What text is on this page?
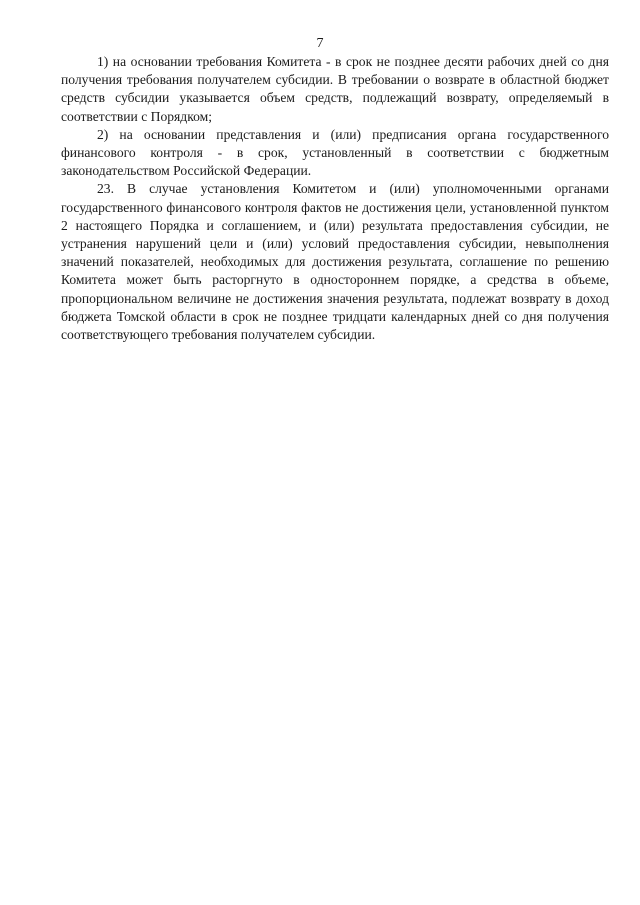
7

1) на основании требования Комитета - в срок не позднее десяти рабочих дней со дня получения требования получателем субсидии. В требовании о возврате в областной бюджет средств субсидии указывается объем средств, подлежащий возврату, определяемый в соответствии с Порядком;

2) на основании представления и (или) предписания органа государственного финансового контроля - в срок, установленный в соответствии с бюджетным законодательством Российской Федерации.

23. В случае установления Комитетом и (или) уполномоченными органами государственного финансового контроля фактов не достижения цели, установленной пунктом 2 настоящего Порядка и соглашением, и (или) результата предоставления субсидии, не устранения нарушений цели и (или) условий предоставления субсидии, невыполнения значений показателей, необходимых для достижения результата, соглашение по решению Комитета может быть расторгнуто в одностороннем порядке, а средства в объеме, пропорциональном величине не достижения значения результата, подлежат возврату в доход бюджета Томской области в срок не позднее тридцати календарных дней со дня получения соответствующего требования получателем субсидии.
